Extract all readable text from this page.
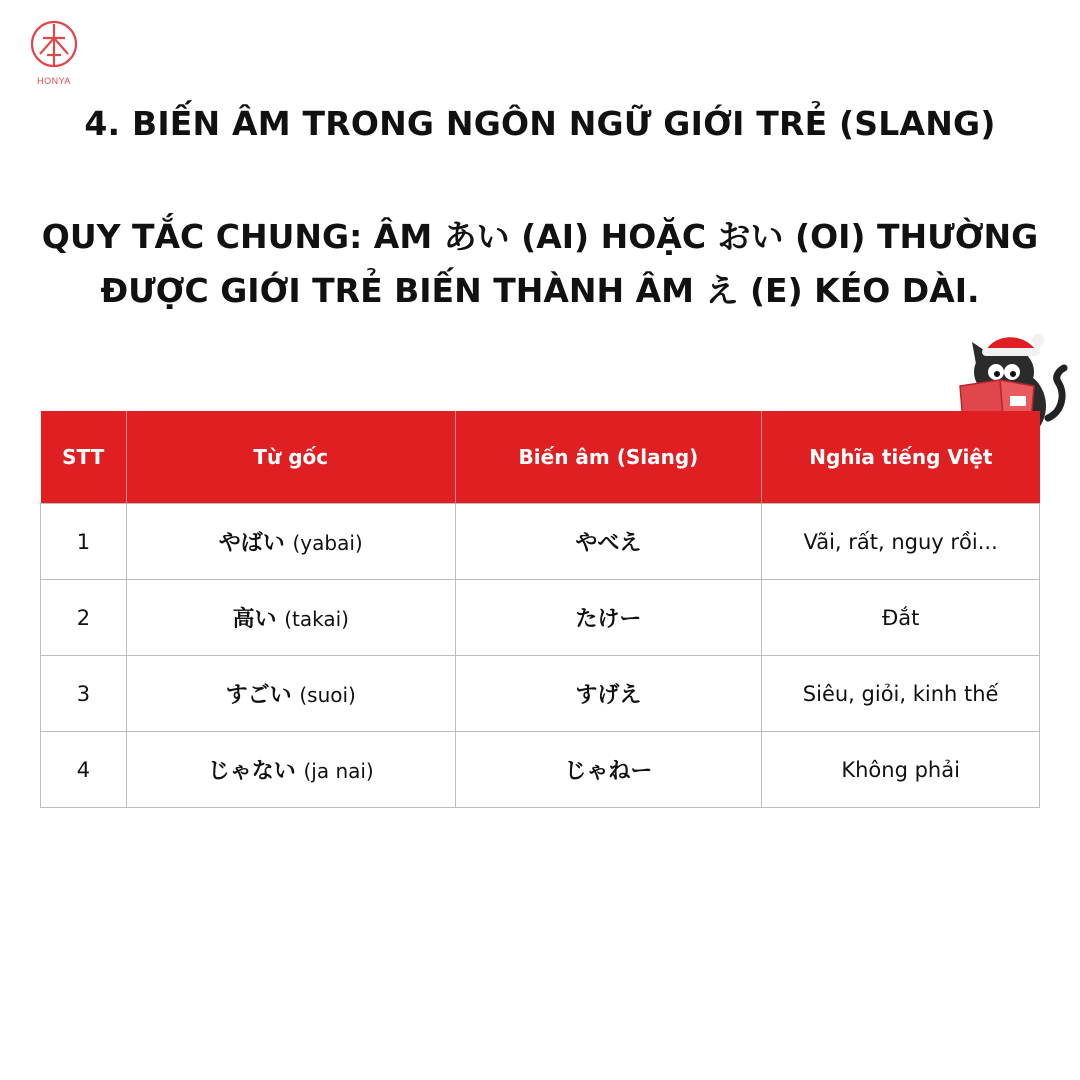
HONYA
4. BIẾN ÂM TRONG NGÔN NGỮ GIỚI TRẺ (SLANG)
QUY TẮC CHUNG: ÂM あい (AI) HOẶC おい (OI) THƯỜNG
ĐƯỢC GIỚI TRẺ BIẾN THÀNH ÂM え (E) KÉO DÀI.
STT	Từ gốc	Biến âm (Slang)	Nghĩa tiếng Việt
1	やばい (yabai)	やべえ	Vãi, rất, nguy rồi...
2	高い (takai)	たけー	Đắt
3	すごい (suoi)	すげえ	Siêu, giỏi, kinh thế
4	じゃない (ja nai)	じゃねー	Không phải
